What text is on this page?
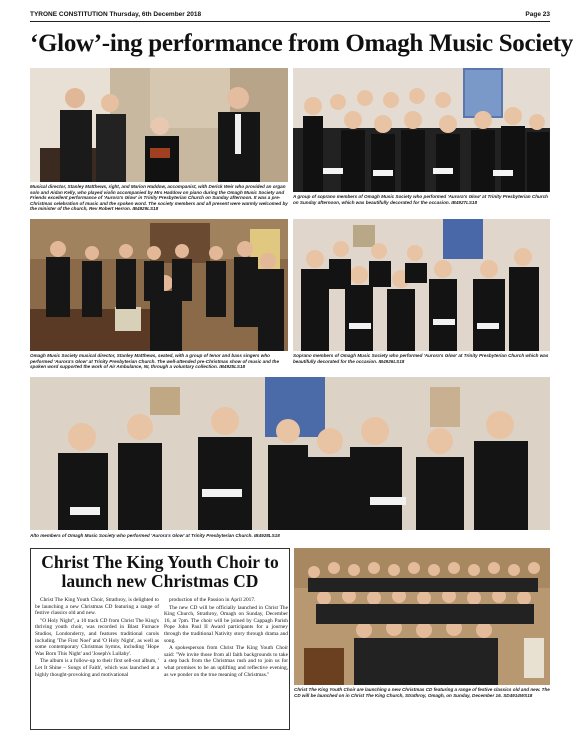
TYRONE CONSTITUTION Thursday, 6th December 2018	Page 23
‘Glow’-ing performance from Omagh Music Society
Musical director, Stanley Matthews, right, and Marion Haddow, accompanist, with Derick Weir who provided an organ solo and Aidan Kelly, who played violin accompanied by Mrs Haddow on piano during the Omagh Music Society and Friends excellent performance of 'Aurora's Glow' in Trinity Presbyterian Church on Sunday afternoon. It was a pre-Christmas celebration of music and the spoken word. The society members and all present were warmly welcomed by the minister of the church, Rev Robert Herron. IB4929LS18
A group of soprano members of Omagh Music Society who performed 'Aurora's Glow' at Trinity Presbyterian Church on Sunday afternoon, which was beautifully decorated for the occasion. IB4927LS18
Omagh Music Society musical director, Stanley Matthews, seated, with a group of tenor and bass singers who performed 'Aurora's Glow' at Trinity Presbyterian Church. The well-attended pre-Christmas show of music and the spoken word supported the work of Air Ambulance, NI, through a voluntary collection. IB4925LS18
Soprano members of Omagh Music Society who performed 'Aurora's Glow' at Trinity Presbyterian Church which was beautifully decorated for the occasion. IB4926LS18
Alto members of Omagh Music Society who performed 'Aurora's Glow' at Trinity Presbyterian Church. IB4928LS18
Christ The King Youth Choir to launch new Christmas CD

Christ The King Youth Choir, Strathroy, is delighted to be launching a new Christmas CD featuring a range of festive classics old and new.

"O Holy Night", a 10 track CD from Christ The King's thriving youth choir, was recorded in Blast Furnace Studios, Londonderry, and features traditional carols including 'The First Noel' and 'O Holy Night', as well as some contemporary Christmas hymns, including 'Hope Was Born This Night' and 'Joseph's Lullaby'.

The album is a follow-up to their first sell-out album, ' Let It Shine – Songs of Faith', which was launched at a highly thought-provoking and motivational

production of the Passion in April 2017.

The new CD will be officially launched in Christ The King Church, Strathroy, Omagh on Sunday, December 16, at 7pm. The choir will be joined by Cappagh Parish Pope John Paul II Award participants for a journey through the traditional Nativity story through drama and song.

A spokesperson from Christ The King Youth Choir said: "We invite those from all faith backgrounds to take a step back from the Christmas rush and to join us for what promises to be an uplifting and reflective evening, as we ponder on the true meaning of Christmas."

Christ The King Youth Choir are launching a new Christmas CD featuring a range of festive classics old and new. The CD will be launched on in Christ The King Church, Strathroy, Omagh, on Sunday, December 16. SD4914WS18
